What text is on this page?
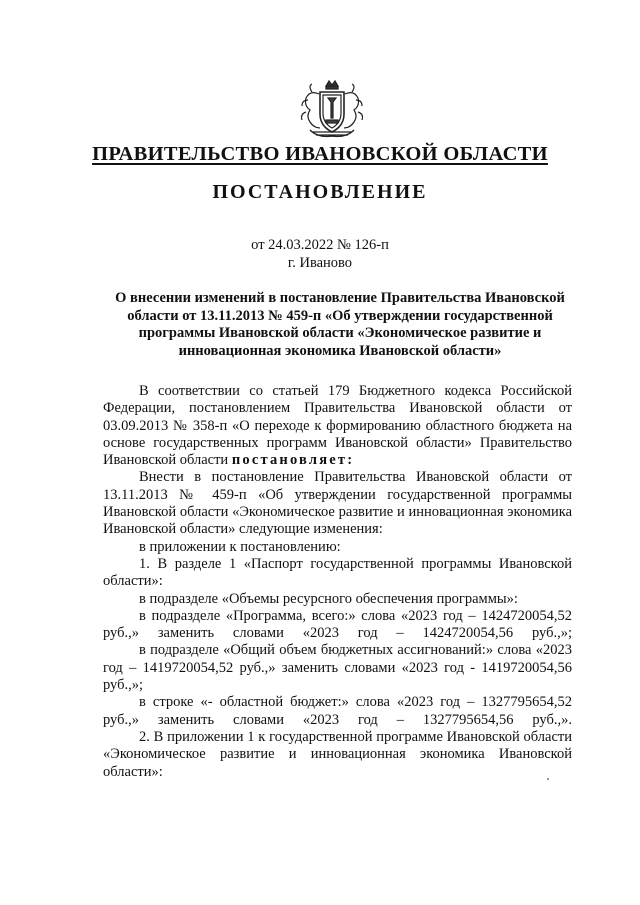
ПРАВИТЕЛЬСТВО ИВАНОВСКОЙ ОБЛАСТИ
ПОСТАНОВЛЕНИЕ
от 24.03.2022 № 126-п
г. Иваново
О внесении изменений в постановление Правительства Ивановской области от 13.11.2013 № 459-п «Об утверждении государственной программы Ивановской области «Экономическое развитие и инновационная экономика Ивановской области»

В соответствии со статьей 179 Бюджетного кодекса Российской Федерации, постановлением Правительства Ивановской области от 03.09.2013 № 358-п «О переходе к формированию областного бюджета на основе государственных программ Ивановской области» Правительство Ивановской области постановляет:

Внести в постановление Правительства Ивановской области от 13.11.2013 № 459-п «Об утверждении государственной программы Ивановской области «Экономическое развитие и инновационная экономика Ивановской области» следующие изменения:

в приложении к постановлению:

1. В разделе 1 «Паспорт государственной программы Ивановской области»:

в подразделе «Объемы ресурсного обеспечения программы»:

в подразделе «Программа, всего:» слова «2023 год – 1424720054,52 руб.,» заменить словами «2023 год – 1424720054,56 руб.,»;

в подразделе «Общий объем бюджетных ассигнований:» слова «2023 год – 1419720054,52 руб.,» заменить словами «2023 год - 1419720054,56 руб.,»;

в строке «- областной бюджет:» слова «2023 год – 1327795654,52 руб.,» заменить словами «2023 год – 1327795654,56 руб.,».

2. В приложении 1 к государственной программе Ивановской области «Экономическое развитие и инновационная экономика Ивановской области»:
